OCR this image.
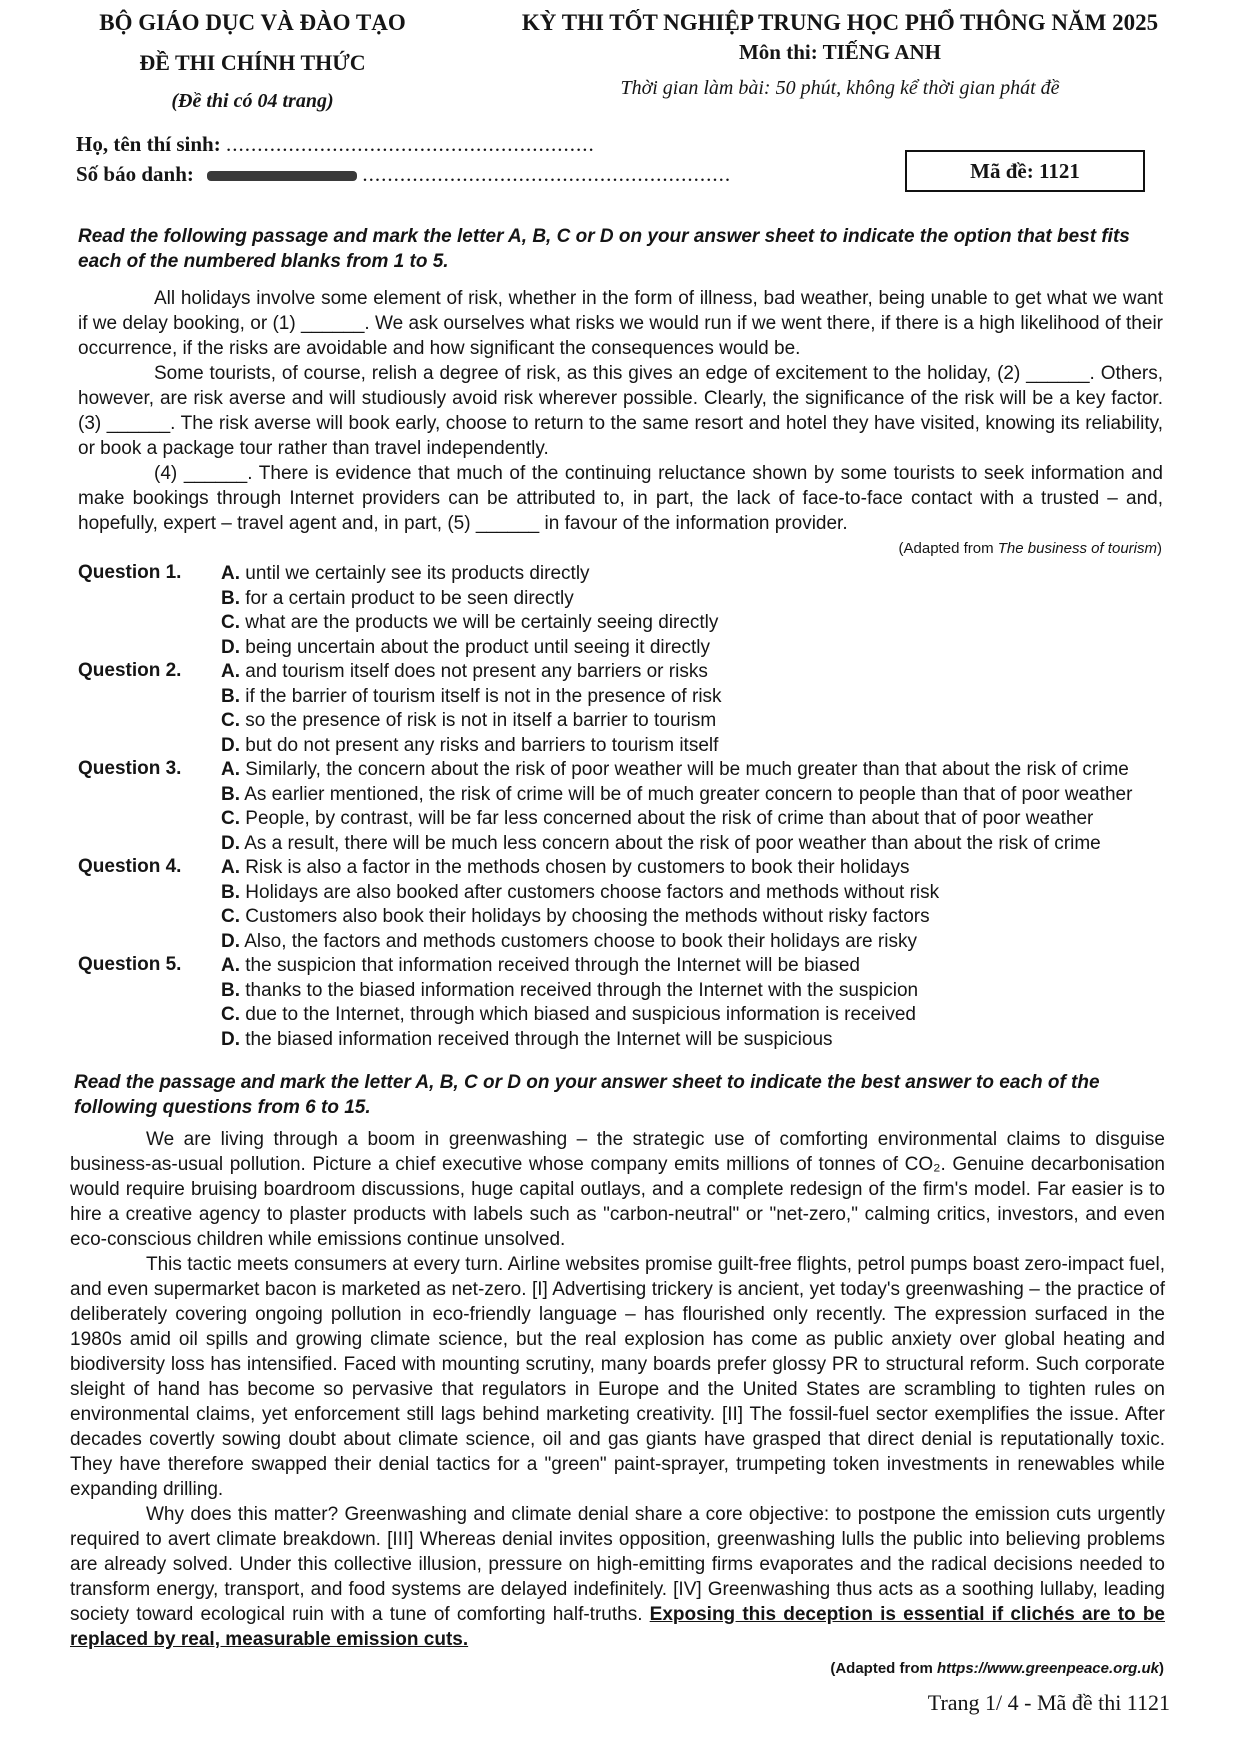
BỘ GIÁO DỤC VÀ ĐÀO TẠO
ĐỀ THI CHÍNH THỨC
(Đề thi có 04 trang)
KỲ THI TỐT NGHIỆP TRUNG HỌC PHỔ THÔNG NĂM 2025
Môn thi: TIẾNG ANH
Thời gian làm bài: 50 phút, không kể thời gian phát đề
Họ, tên thí sinh: ...........................................................
Số báo danh:	...........................................................	Mã đề: 1121
Read the following passage and mark the letter A, B, C or D on your answer sheet to indicate the option that best fits each of the numbered blanks from 1 to 5.

All holidays involve some element of risk, whether in the form of illness, bad weather, being unable to get what we want if we delay booking, or (1) ______. We ask ourselves what risks we would run if we went there, if there is a high likelihood of their occurrence, if the risks are avoidable and how significant the consequences would be.

Some tourists, of course, relish a degree of risk, as this gives an edge of excitement to the holiday, (2) ______. Others, however, are risk averse and will studiously avoid risk wherever possible. Clearly, the significance of the risk will be a key factor. (3) ______. The risk averse will book early, choose to return to the same resort and hotel they have visited, knowing its reliability, or book a package tour rather than travel independently.

(4) ______. There is evidence that much of the continuing reluctance shown by some tourists to seek information and make bookings through Internet providers can be attributed to, in part, the lack of face-to-face contact with a trusted – and, hopefully, expert – travel agent and, in part, (5) ______ in favour of the information provider.

(Adapted from The business of tourism)
Question 1.	A. until we certainly see its products directly
B. for a certain product to be seen directly
C. what are the products we will be certainly seeing directly
D. being uncertain about the product until seeing it directly
Question 2.	A. and tourism itself does not present any barriers or risks
B. if the barrier of tourism itself is not in the presence of risk
C. so the presence of risk is not in itself a barrier to tourism
D. but do not present any risks and barriers to tourism itself
Question 3.	A. Similarly, the concern about the risk of poor weather will be much greater than that about the risk of crime
B. As earlier mentioned, the risk of crime will be of much greater concern to people than that of poor weather
C. People, by contrast, will be far less concerned about the risk of crime than about that of poor weather
D. As a result, there will be much less concern about the risk of poor weather than about the risk of crime
Question 4.	A. Risk is also a factor in the methods chosen by customers to book their holidays
B. Holidays are also booked after customers choose factors and methods without risk
C. Customers also book their holidays by choosing the methods without risky factors
D. Also, the factors and methods customers choose to book their holidays are risky
Question 5.	A. the suspicion that information received through the Internet will be biased
B. thanks to the biased information received through the Internet with the suspicion
C. due to the Internet, through which biased and suspicious information is received
D. the biased information received through the Internet will be suspicious
Read the passage and mark the letter A, B, C or D on your answer sheet to indicate the best answer to each of the following questions from 6 to 15.

We are living through a boom in greenwashing – the strategic use of comforting environmental claims to disguise business-as-usual pollution. Picture a chief executive whose company emits millions of tonnes of CO₂. Genuine decarbonisation would require bruising boardroom discussions, huge capital outlays, and a complete redesign of the firm's model. Far easier is to hire a creative agency to plaster products with labels such as "carbon-neutral" or "net-zero," calming critics, investors, and even eco-conscious children while emissions continue unsolved.

This tactic meets consumers at every turn. Airline websites promise guilt-free flights, petrol pumps boast zero-impact fuel, and even supermarket bacon is marketed as net-zero. [I] Advertising trickery is ancient, yet today's greenwashing – the practice of deliberately covering ongoing pollution in eco-friendly language – has flourished only recently. The expression surfaced in the 1980s amid oil spills and growing climate science, but the real explosion has come as public anxiety over global heating and biodiversity loss has intensified. Faced with mounting scrutiny, many boards prefer glossy PR to structural reform. Such corporate sleight of hand has become so pervasive that regulators in Europe and the United States are scrambling to tighten rules on environmental claims, yet enforcement still lags behind marketing creativity. [II] The fossil-fuel sector exemplifies the issue. After decades covertly sowing doubt about climate science, oil and gas giants have grasped that direct denial is reputationally toxic. They have therefore swapped their denial tactics for a "green" paint-sprayer, trumpeting token investments in renewables while expanding drilling.

Why does this matter? Greenwashing and climate denial share a core objective: to postpone the emission cuts urgently required to avert climate breakdown. [III] Whereas denial invites opposition, greenwashing lulls the public into believing problems are already solved. Under this collective illusion, pressure on high-emitting firms evaporates and the radical decisions needed to transform energy, transport, and food systems are delayed indefinitely. [IV] Greenwashing thus acts as a soothing lullaby, leading society toward ecological ruin with a tune of comforting half-truths. Exposing this deception is essential if clichés are to be replaced by real, measurable emission cuts.

(Adapted from https://www.greenpeace.org.uk)
Trang 1/ 4 - Mã đề thi 1121
